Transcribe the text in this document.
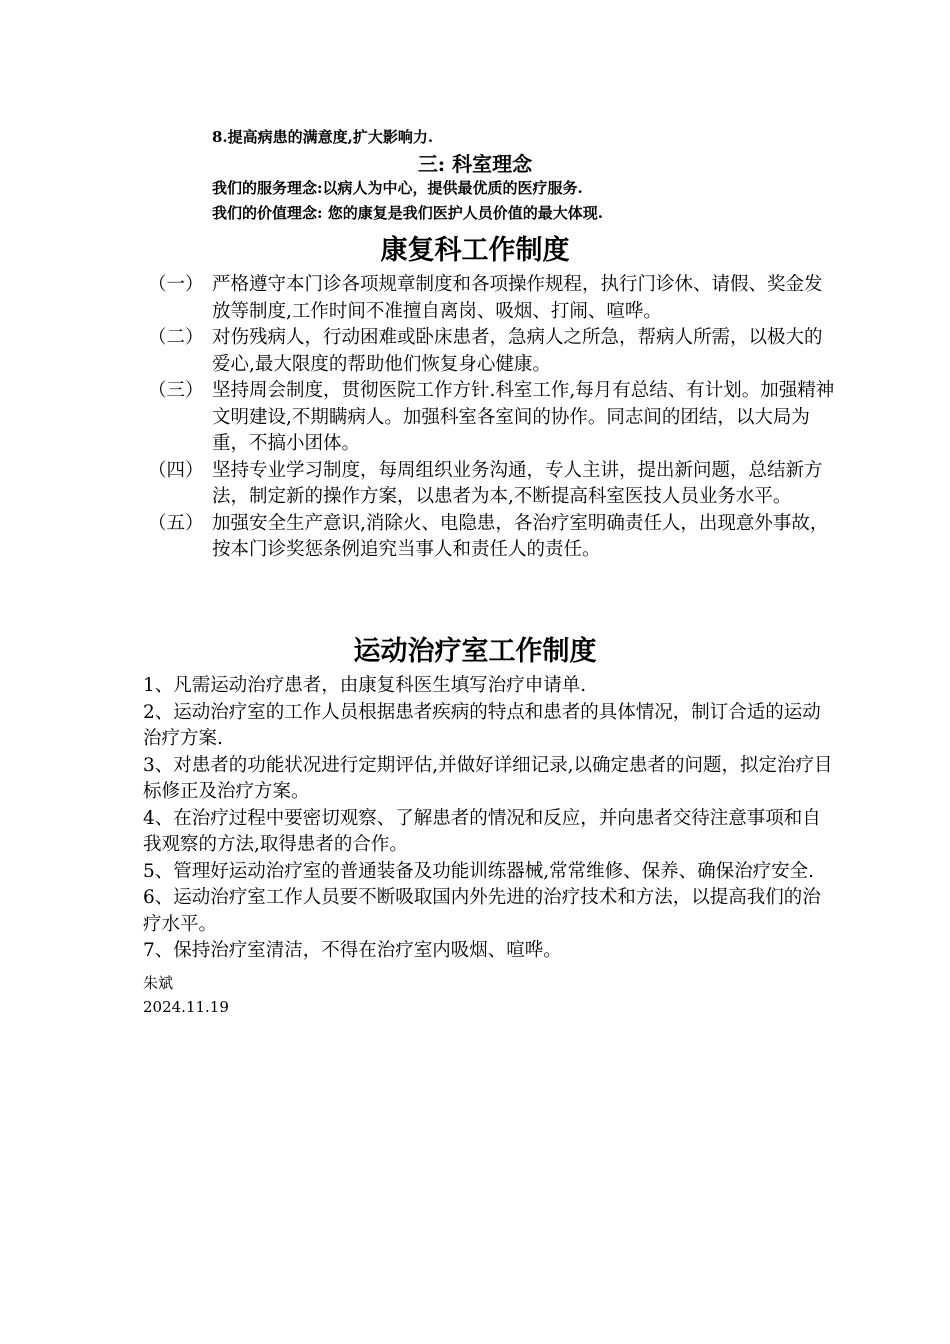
8.提高病患的满意度,扩大影响力.
三: 科室理念
我们的服务理念:以病人为中心，提供最优质的医疗服务.
我们的价值理念: 您的康复是我们医护人员价值的最大体现.
康复科工作制度
（一） 严格遵守本门诊各项规章制度和各项操作规程，执行门诊休、请假、奖金发放等制度,工作时间不准擅自离岗、吸烟、打闹、喧哗。
（二） 对伤残病人，行动困难或卧床患者，急病人之所急，帮病人所需，以极大的爱心,最大限度的帮助他们恢复身心健康。
（三） 坚持周会制度，贯彻医院工作方针.科室工作,每月有总结、有计划。加强精神文明建设,不期瞒病人。加强科室各室间的协作。同志间的团结，以大局为重，不搞小团体。
（四） 坚持专业学习制度，每周组织业务沟通，专人主讲，提出新问题，总结新方法，制定新的操作方案，以患者为本,不断提高科室医技人员业务水平。
（五） 加强安全生产意识,消除火、电隐患，各治疗室明确责任人，出现意外事故，按本门诊奖惩条例追究当事人和责任人的责任。
运动治疗室工作制度

1、凡需运动治疗患者，由康复科医生填写治疗申请单.

2、运动治疗室的工作人员根据患者疾病的特点和患者的具体情况，制订合适的运动治疗方案.

3、对患者的功能状况进行定期评估,并做好详细记录,以确定患者的问题，拟定治疗目标修正及治疗方案。

4、在治疗过程中要密切观察、了解患者的情况和反应，并向患者交待注意事项和自我观察的方法,取得患者的合作。

5、管理好运动治疗室的普通装备及功能训练器械,常常维修、保养、确保治疗安全.

6、运动治疗室工作人员要不断吸取国内外先进的治疗技术和方法，以提高我们的治疗水平。

7、保持治疗室清洁，不得在治疗室内吸烟、喧哗。

朱斌
2024.11.19
